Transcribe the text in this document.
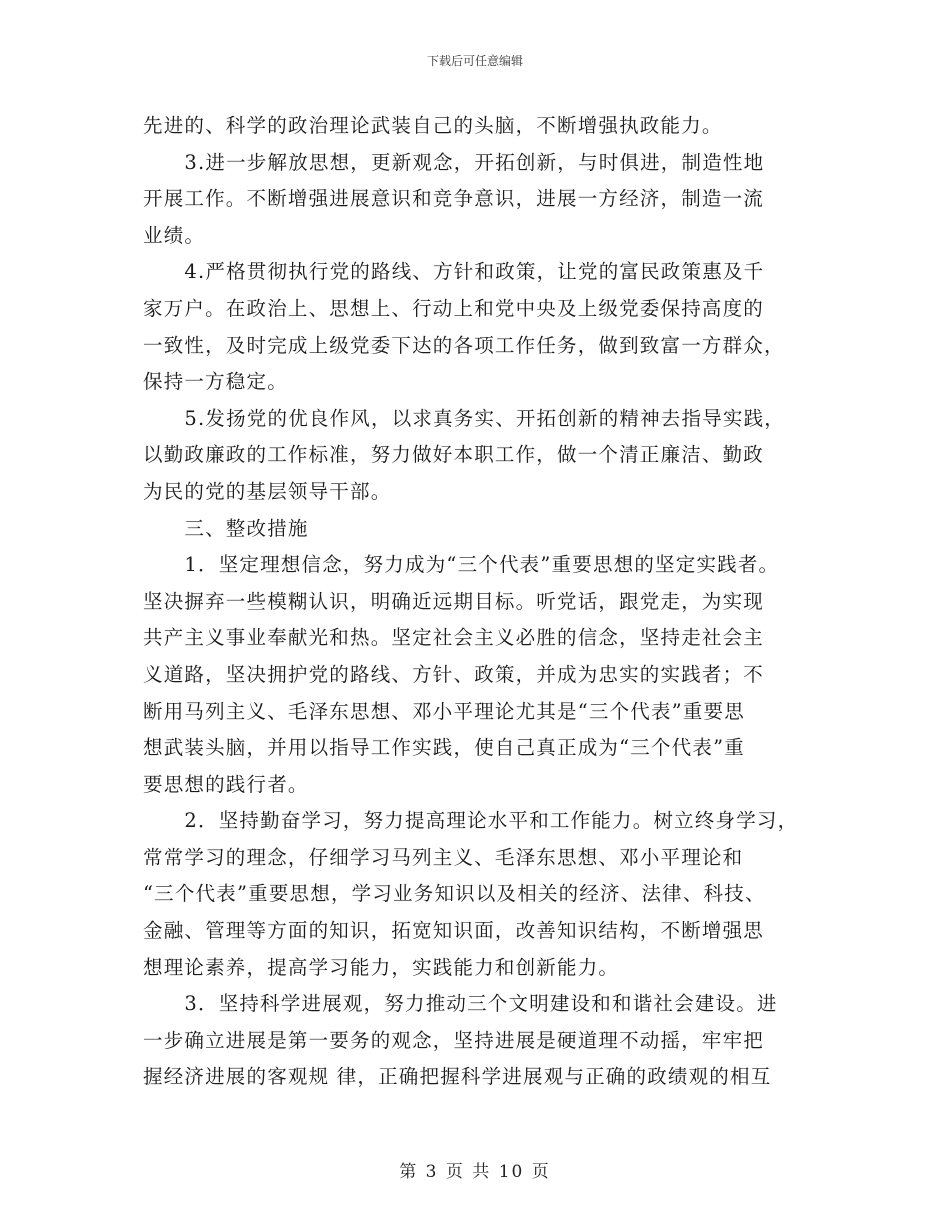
下载后可任意编辑
先进的、科学的政治理论武装自己的头脑，不断增强执政能力。
　　3.进一步解放思想，更新观念，开拓创新，与时俱进，制造性地
开展工作。不断增强进展意识和竞争意识，进展一方经济，制造一流
业绩。
　　4.严格贯彻执行党的路线、方针和政策，让党的富民政策惠及千
家万户。在政治上、思想上、行动上和党中央及上级党委保持高度的
一致性，及时完成上级党委下达的各项工作任务，做到致富一方群众，
保持一方稳定。
　　5.发扬党的优良作风，以求真务实、开拓创新的精神去指导实践，
以勤政廉政的工作标准，努力做好本职工作，做一个清正廉洁、勤政
为民的党的基层领导干部。
　　三、整改措施
　　1．坚定理想信念，努力成为“三个代表”重要思想的坚定实践者。
坚决摒弃一些模糊认识，明确近远期目标。听党话，跟党走，为实现
共产主义事业奉献光和热。坚定社会主义必胜的信念，坚持走社会主
义道路，坚决拥护党的路线、方针、政策，并成为忠实的实践者；不
断用马列主义、毛泽东思想、邓小平理论尤其是“三个代表”重要思
想武装头脑，并用以指导工作实践，使自己真正成为“三个代表”重
要思想的践行者。
　　2．坚持勤奋学习，努力提高理论水平和工作能力。树立终身学习，
常常学习的理念，仔细学习马列主义、毛泽东思想、邓小平理论和
“三个代表”重要思想，学习业务知识以及相关的经济、法律、科技、
金融、管理等方面的知识，拓宽知识面，改善知识结构，不断增强思
想理论素养，提高学习能力，实践能力和创新能力。
　　3．坚持科学进展观，努力推动三个文明建设和和谐社会建设。进
一步确立进展是第一要务的观念，坚持进展是硬道理不动摇，牢牢把
握经济进展的客观规 律，正确把握科学进展观与正确的政绩观的相互
第 3 页 共 10 页
